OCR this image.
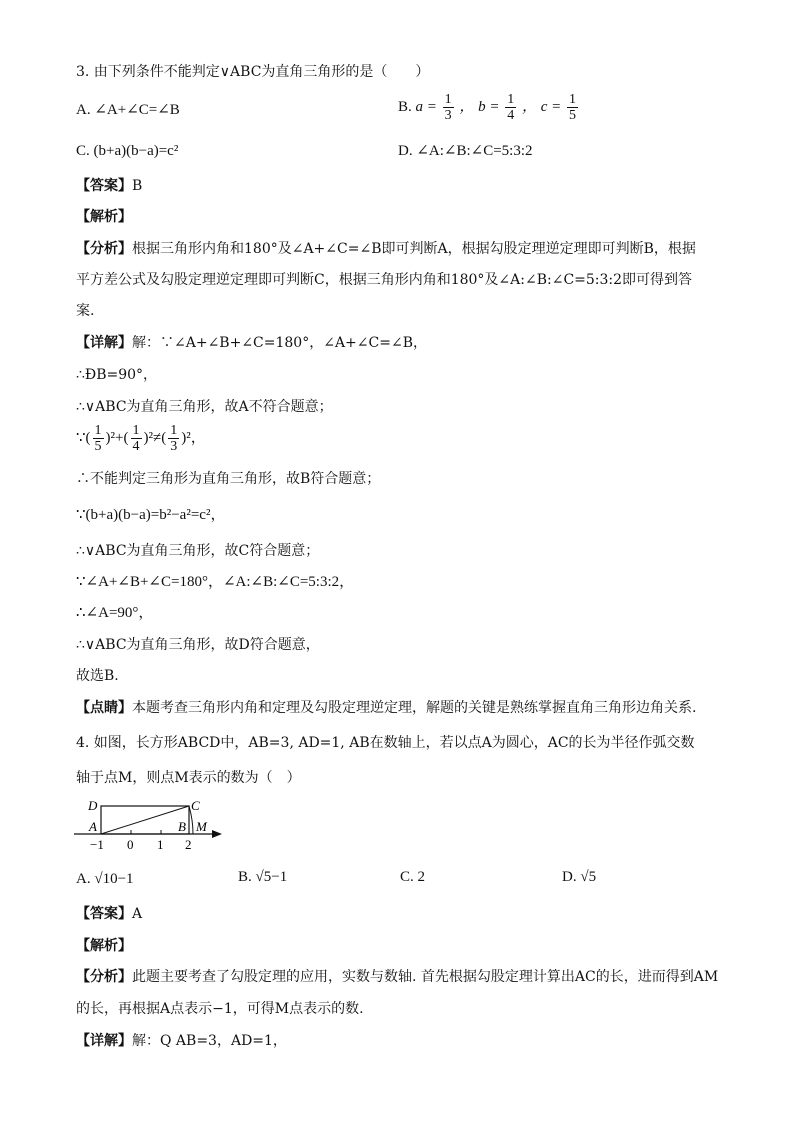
3. 由下列条件不能判定∨ABC为直角三角形的是（　　）
A. ∠A+∠C=∠B	B. $a = \frac{1}{3}$ ， $b = \frac{1}{4}$ ， $c = \frac{1}{5}$
C. (b+a)(b−a)=c²	D. ∠A:∠B:∠C=5:3:2
【答案】B
【解析】
【分析】根据三角形内角和180°及∠A+∠C=∠B即可判断A，根据勾股定理逆定理即可判断B，根据
平方差公式及勾股定理逆定理即可判断C，根据三角形内角和180°及∠A:∠B:∠C=5:3:2即可得到答
案.
【详解】解：∵∠A+∠B+∠C=180°，∠A+∠C=∠B，
∴ÐB=90°，
∴∨ABC为直角三角形，故A不符合题意；
∵( $\frac{1}{5} )^2+( \frac{1}{4} )^2\ne( \frac{1}{3} )^2$，
∴不能判定三角形为直角三角形，故B符合题意；
∵(b+a)(b−a)=b²−a²=c²，
∴∨ABC为直角三角形，故C符合题意；
∵∠A+∠B+∠C=180°，∠A:∠B:∠C=5:3:2，
∴∠A=90°，
∴∨ABC为直角三角形，故D符合题意，
故选B.
【点睛】本题考查三角形内角和定理及勾股定理逆定理，解题的关键是熟练掌握直角三角形边角关系.
4. 如图，长方形ABCD中，AB=3, AD=1, AB在数轴上，若以点A为圆心，AC的长为半径作弧交数
轴于点M，则点M表示的数为（　）
D	C
A	B M
−1 0 1 2
A. √10−1	B. √5−1	C. 2	D. √5
【答案】A
【解析】
【分析】此题主要考查了勾股定理的应用，实数与数轴. 首先根据勾股定理计算出AC的长，进而得到AM
的长，再根据A点表示−1，可得M点表示的数.
【详解】解：Q AB=3，AD=1，
